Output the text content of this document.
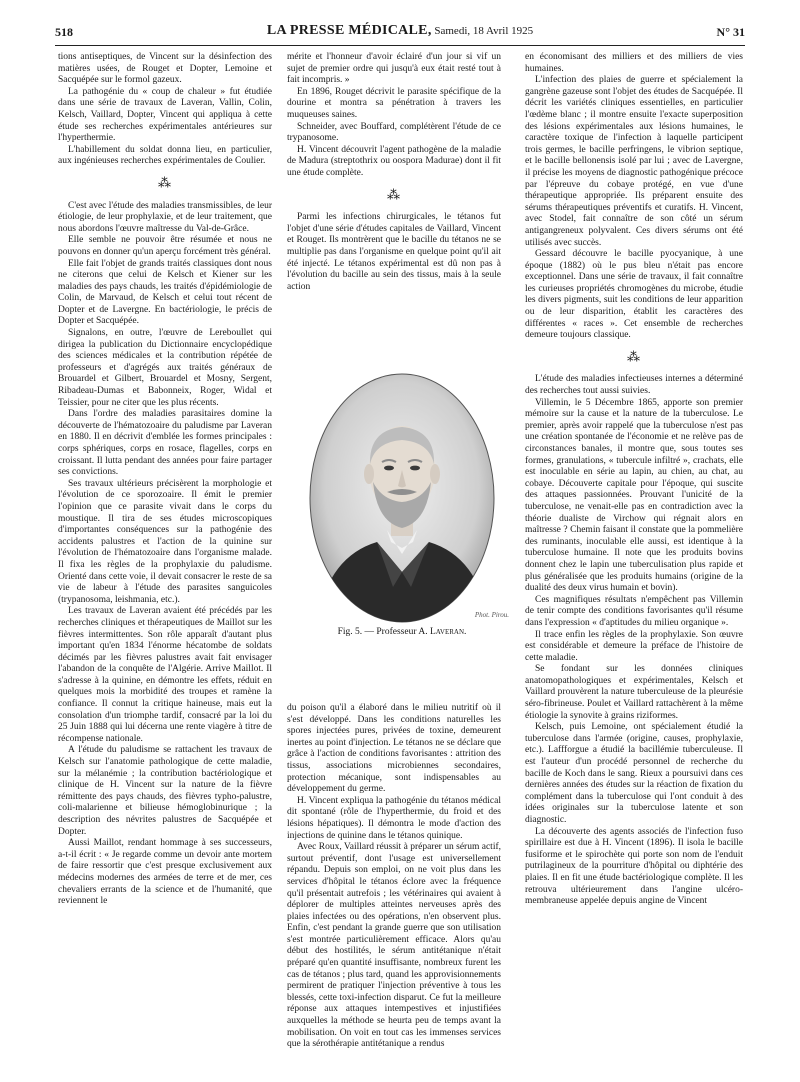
518	LA PRESSE MÉDICALE, Samedi, 18 Avril 1925	N° 31

tions antiseptiques, de Vincent sur la désinfection des matières usées, de Rouget et Dopter, Lemoine et Sacquépée sur le formol gazeux.

La pathogénie du « coup de chaleur » fut étudiée dans une série de travaux de Laveran, Vallin, Colin, Kelsch, Vaillard, Dopter, Vincent qui appliqua à cette étude ses recherches expérimentales antérieures sur l'hyperthermie.

L'habillement du soldat donna lieu, en particulier, aux ingénieuses recherches expérimentales de Coulier.

⁂

C'est avec l'étude des maladies transmissibles, de leur étiologie, de leur prophylaxie, et de leur traitement, que nous abordons l'œuvre maîtresse du Val-de-Grâce.

Elle semble ne pouvoir être résumée et nous ne pouvons en donner qu'un aperçu forcément très général.

Elle fait l'objet de grands traités classiques dont nous ne citerons que celui de Kelsch et Kiener sur les maladies des pays chauds, les traités d'épidémiologie de Colin, de Marvaud, de Kelsch et celui tout récent de Dopter et de Lavergne. En bactériologie, le précis de Dopter et Sacquépée.

Signalons, en outre, l'œuvre de Lereboullet qui dirigea la publication du Dictionnaire encyclopédique des sciences médicales et la contribution répétée de professeurs et d'agrégés aux traités généraux de Brouardel et Gilbert, Brouardel et Mosny, Sergent, Ribadeau-Dumas et Babonneix, Roger, Widal et Teissier, pour ne citer que les plus récents.

Dans l'ordre des maladies parasitaires domine la découverte de l'hématozoaire du paludisme par Laveran en 1880. Il en décrivit d'emblée les formes principales : corps sphériques, corps en rosace, flagelles, corps en croissant. Il lutta pendant des années pour faire partager ses convictions.

Ses travaux ultérieurs précisèrent la morphologie et l'évolution de ce sporozoaire. Il émit le premier l'opinion que ce parasite vivait dans le corps du moustique. Il tira de ses études microscopiques d'importantes conséquences sur la pathogénie des accidents palustres et l'action de la quinine sur l'évolution de l'hématozoaire dans l'organisme malade. Il fixa les règles de la prophylaxie du paludisme. Orienté dans cette voie, il devait consacrer le reste de sa vie de labeur à l'étude des parasites sanguicoles (trypanosoma, leishmania, etc.).

Les travaux de Laveran avaient été précédés par les recherches cliniques et thérapeutiques de Maillot sur les fièvres intermittentes. Son rôle apparaît d'autant plus important qu'en 1834 l'énorme hécatombe de soldats décimés par les fièvres palustres avait fait envisager l'abandon de la conquête de l'Algérie. Arrive Maillot. Il s'adresse à la quinine, en démontre les effets, réduit en quelques mois la morbidité des troupes et ramène la confiance. Il connut la critique haineuse, mais eut la consolation d'un triomphe tardif, consacré par la loi du 25 Juin 1888 qui lui décerna une rente viagère à titre de récompense nationale.

A l'étude du paludisme se rattachent les travaux de Kelsch sur l'anatomie pathologique de cette maladie, sur la mélanémie ; la contribution bactériologique et clinique de H. Vincent sur la nature de la fièvre rémittente des pays chauds, des fièvres typho-palustre, coli-malarienne et bilieuse hémoglobinurique ; la description des névrites palustres de Sacquépée et Dopter.

Aussi Maillot, rendant hommage à ses successeurs, a-t-il écrit : « Je regarde comme un devoir ante mortem de faire ressortir que c'est presque exclusivement aux médecins modernes des armées de terre et de mer, ces chevaliers errants de la science et de l'humanité, que reviennent le

mérite et l'honneur d'avoir éclairé d'un jour si vif un sujet de premier ordre qui jusqu'à eux était resté tout à fait incompris. »

En 1896, Rouget décrivit le parasite spécifique de la dourine et montra sa pénétration à travers les muqueuses saines.

Schneider, avec Bouffard, complétèrent l'étude de ce trypanosome.

H. Vincent découvrit l'agent pathogène de la maladie de Madura (streptothrix ou oospora Madurae) dont il fit une étude complète.

⁂

Parmi les infections chirurgicales, le tétanos fut l'objet d'une série d'études capitales de Vaillard, Vincent et Rouget. Ils montrèrent que le bacille du tétanos ne se multiplie pas dans l'organisme en quelque point qu'il ait été injecté. Le tétanos expérimental est dû non pas à l'évolution du bacille au sein des tissus, mais à la seule action

du poison qu'il a élaboré dans le milieu nutritif où il s'est développé. Dans les conditions naturelles les spores injectées pures, privées de toxine, demeurent inertes au point d'injection. Le tétanos ne se déclare que grâce à l'action de conditions favorisantes : attrition des tissus, associations microbiennes secondaires, protection mécanique, sont indispensables au développement du germe.

H. Vincent expliqua la pathogénie du tétanos médical dit spontané (rôle de l'hyperthermie, du froid et des lésions hépatiques). Il démontra le mode d'action des injections de quinine dans le tétanos quinique.

Avec Roux, Vaillard réussit à préparer un sérum actif, surtout préventif, dont l'usage est universellement répandu. Depuis son emploi, on ne voit plus dans les services d'hôpital le tétanos éclore avec la fréquence qu'il présentait autrefois ; les vétérinaires qui avaient à déplorer de multiples atteintes nerveuses après des plaies infectées ou des opérations, n'en observent plus. Enfin, c'est pendant la grande guerre que son utilisation s'est montrée particulièrement efficace. Alors qu'au début des hostilités, le sérum antitétanique n'était préparé qu'en quantité insuffisante, nombreux furent les cas de tétanos ; plus tard, quand les approvisionnements permirent de pratiquer l'injection préventive à tous les blessés, cette toxi-infection disparut. Ce fut la meilleure réponse aux attaques intempestives et injustifiées auxquelles la méthode se heurta peu de temps avant la mobilisation. On voit en tout cas les immenses services que la sérothérapie antitétanique a rendus

Phot. Pirou.
Fig. 5. — Professeur A. Laveran.

en économisant des milliers et des milliers de vies humaines.

L'infection des plaies de guerre et spécialement la gangrène gazeuse sont l'objet des études de Sacquépée. Il décrit les variétés cliniques essentielles, en particulier l'œdème blanc ; il montre ensuite l'exacte superposition des lésions expérimentales aux lésions humaines, le caractère toxique de l'infection à laquelle participent trois germes, le bacille perfringens, le vibrion septique, et le bacille bellonensis isolé par lui ; avec de Lavergne, il précise les moyens de diagnostic pathogénique précoce par l'épreuve du cobaye protégé, en vue d'une thérapeutique appropriée. Ils préparent ensuite des sérums thérapeutiques préventifs et curatifs. H. Vincent, avec Stodel, fait connaître de son côté un sérum antigangreneux polyvalent. Ces divers sérums ont été utilisés avec succès.

Gessard découvre le bacille pyocyanique, à une époque (1882) où le pus bleu n'était pas encore exceptionnel. Dans une série de travaux, il fait connaître les curieuses propriétés chromogènes du microbe, étudie les divers pigments, suit les conditions de leur apparition ou de leur disparition, établit les caractères des différentes « races ». Cet ensemble de recherches demeure toujours classique.

⁂

L'étude des maladies infectieuses internes a déterminé des recherches tout aussi suivies.

Villemin, le 5 Décembre 1865, apporte son premier mémoire sur la cause et la nature de la tuberculose. Le premier, après avoir rappelé que la tuberculose n'est pas une création spontanée de l'économie et ne relève pas de circonstances banales, il montre que, sous toutes ses formes, granulations, « tubercule infiltré », crachats, elle est inoculable en série au lapin, au chien, au chat, au cobaye. Découverte capitale pour l'époque, qui suscite des attaques passionnées. Prouvant l'unicité de la tuberculose, ne venait-elle pas en contradiction avec la théorie dualiste de Virchow qui régnait alors en maîtresse ? Chemin faisant il constate que la pommelière des ruminants, inoculable elle aussi, est identique à la tuberculose humaine. Il note que les produits bovins donnent chez le lapin une tuberculisation plus rapide et plus généralisée que les produits humains (origine de la dualité des deux virus humain et bovin).

Ces magnifiques résultats n'empêchent pas Villemin de tenir compte des conditions favorisantes qu'il résume dans l'expression « d'aptitudes du milieu organique ».

Il trace enfin les règles de la prophylaxie. Son œuvre est considérable et demeure la préface de l'histoire de cette maladie.

Se fondant sur les données cliniques anatomopathologiques et expérimentales, Kelsch et Vaillard prouvèrent la nature tuberculeuse de la pleurésie séro-fibrineuse. Poulet et Vaillard rattachèrent à la même étiologie la synovite à grains riziformes.

Kelsch, puis Lemoine, ont spécialement étudié la tuberculose dans l'armée (origine, causes, prophylaxie, etc.). Laffforgue a étudié la bacillémie tuberculeuse. Il est l'auteur d'un procédé personnel de recherche du bacille de Koch dans le sang. Rieux a poursuivi dans ces dernières années des études sur la réaction de fixation du complément dans la tuberculose qui l'ont conduit à des idées originales sur la tuberculose latente et son diagnostic.

La découverte des agents associés de l'infection fuso spirillaire est due à H. Vincent (1896). Il isola le bacille fusiforme et le spirochète qui porte son nom de l'enduit putrilagineux de la pourriture d'hôpital ou diphtérie des plaies. Il en fit une étude bactériologique complète. Il les retrouva ultérieurement dans l'angine ulcéro-membraneuse appelée depuis angine de Vincent
